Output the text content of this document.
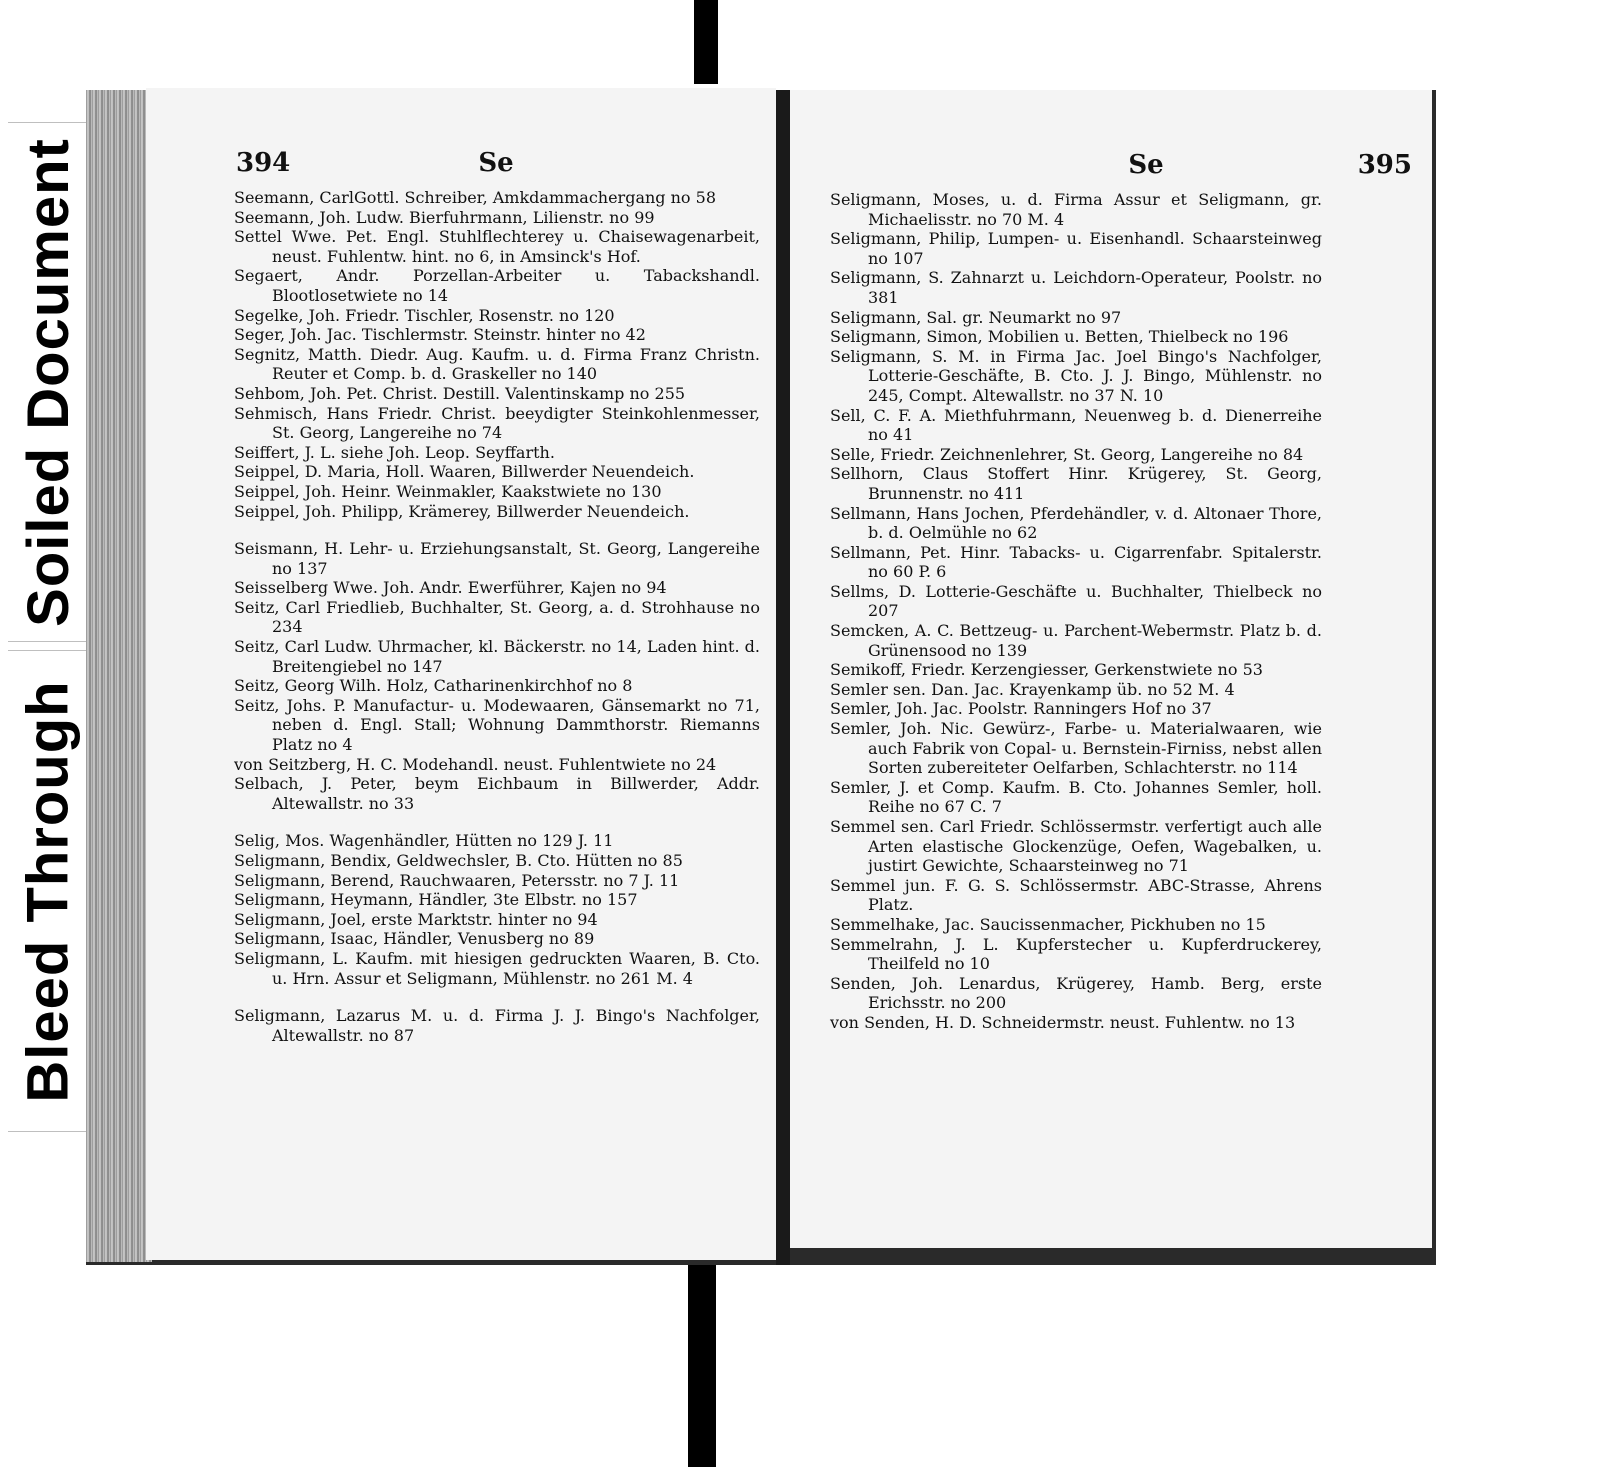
Soiled Document
Bleed Through
394	Se

Seemann, CarlGottl. Schreiber, Amkdammachergang no 58

Seemann, Joh. Ludw. Bierfuhrmann, Lilienstr. no 99

Settel Wwe. Pet. Engl. Stuhlflechterey u. Chaisewagenarbeit, neust. Fuhlentw. hint. no 6, in Amsinck's Hof.

Segaert, Andr. Porzellan-Arbeiter u. Tabackshandl. Blootlosetwiete no 14

Segelke, Joh. Friedr. Tischler, Rosenstr. no 120

Seger, Joh. Jac. Tischlermstr. Steinstr. hinter no 42

Segnitz, Matth. Diedr. Aug. Kaufm. u. d. Firma Franz Christn. Reuter et Comp. b. d. Graskeller no 140

Sehbom, Joh. Pet. Christ. Destill. Valentinskamp no 255

Sehmisch, Hans Friedr. Christ. beeydigter Steinkohlenmesser, St. Georg, Langereihe no 74

Seiffert, J. L. siehe Joh. Leop. Seyffarth.

Seippel, D. Maria, Holl. Waaren, Billwerder Neuendeich.

Seippel, Joh. Heinr. Weinmakler, Kaakstwiete no 130

Seippel, Joh. Philipp, Krämerey, Billwerder Neuendeich.

Seismann, H. Lehr- u. Erziehungsanstalt, St. Georg, Langereihe no 137

Seisselberg Wwe. Joh. Andr. Ewerführer, Kajen no 94

Seitz, Carl Friedlieb, Buchhalter, St. Georg, a. d. Strohhause no 234

Seitz, Carl Ludw. Uhrmacher, kl. Bäckerstr. no 14, Laden hint. d. Breitengiebel no 147

Seitz, Georg Wilh. Holz, Catharinenkirchhof no 8

Seitz, Johs. P. Manufactur- u. Modewaaren, Gänsemarkt no 71, neben d. Engl. Stall; Wohnung Dammthorstr. Riemanns Platz no 4

von Seitzberg, H. C. Modehandl. neust. Fuhlentwiete no 24

Selbach, J. Peter, beym Eichbaum in Billwerder, Addr. Altewallstr. no 33

Selig, Mos. Wagenhändler, Hütten no 129 J. 11

Seligmann, Bendix, Geldwechsler, B. Cto. Hütten no 85

Seligmann, Berend, Rauchwaaren, Petersstr. no 7 J. 11

Seligmann, Heymann, Händler, 3te Elbstr. no 157

Seligmann, Joel, erste Marktstr. hinter no 94

Seligmann, Isaac, Händler, Venusberg no 89

Seligmann, L. Kaufm. mit hiesigen gedruckten Waaren, B. Cto. u. Hrn. Assur et Seligmann, Mühlenstr. no 261 M. 4

Seligmann, Lazarus M. u. d. Firma J. J. Bingo's Nachfolger, Altewallstr. no 87

Se	395

Seligmann, Moses, u. d. Firma Assur et Seligmann, gr. Michaelisstr. no 70 M. 4

Seligmann, Philip, Lumpen- u. Eisenhandl. Schaarsteinweg no 107

Seligmann, S. Zahnarzt u. Leichdorn-Operateur, Poolstr. no 381

Seligmann, Sal. gr. Neumarkt no 97

Seligmann, Simon, Mobilien u. Betten, Thielbeck no 196

Seligmann, S. M. in Firma Jac. Joel Bingo's Nachfolger, Lotterie-Geschäfte, B. Cto. J. J. Bingo, Mühlenstr. no 245, Compt. Altewallstr. no 37 N. 10

Sell, C. F. A. Miethfuhrmann, Neuenweg b. d. Dienerreihe no 41

Selle, Friedr. Zeichnenlehrer, St. Georg, Langereihe no 84

Sellhorn, Claus Stoffert Hinr. Krügerey, St. Georg, Brunnenstr. no 411

Sellmann, Hans Jochen, Pferdehändler, v. d. Altonaer Thore, b. d. Oelmühle no 62

Sellmann, Pet. Hinr. Tabacks- u. Cigarrenfabr. Spitalerstr. no 60 P. 6

Sellms, D. Lotterie-Geschäfte u. Buchhalter, Thielbeck no 207

Semcken, A. C. Bettzeug- u. Parchent-Webermstr. Platz b. d. Grünensood no 139

Semikoff, Friedr. Kerzengiesser, Gerkenstwiete no 53

Semler sen. Dan. Jac. Krayenkamp üb. no 52 M. 4

Semler, Joh. Jac. Poolstr. Ranningers Hof no 37

Semler, Joh. Nic. Gewürz-, Farbe- u. Materialwaaren, wie auch Fabrik von Copal- u. Bernstein-Firniss, nebst allen Sorten zubereiteter Oelfarben, Schlachterstr. no 114

Semler, J. et Comp. Kaufm. B. Cto. Johannes Semler, holl. Reihe no 67 C. 7

Semmel sen. Carl Friedr. Schlössermstr. verfertigt auch alle Arten elastische Glockenzüge, Oefen, Wagebalken, u. justirt Gewichte, Schaarsteinweg no 71

Semmel jun. F. G. S. Schlössermstr. ABC-Strasse, Ahrens Platz.

Semmelhake, Jac. Saucissenmacher, Pickhuben no 15

Semmelrahn, J. L. Kupferstecher u. Kupferdruckerey, Theilfeld no 10

Senden, Joh. Lenardus, Krügerey, Hamb. Berg, erste Erichsstr. no 200

von Senden, H. D. Schneidermstr. neust. Fuhlentw. no 13
